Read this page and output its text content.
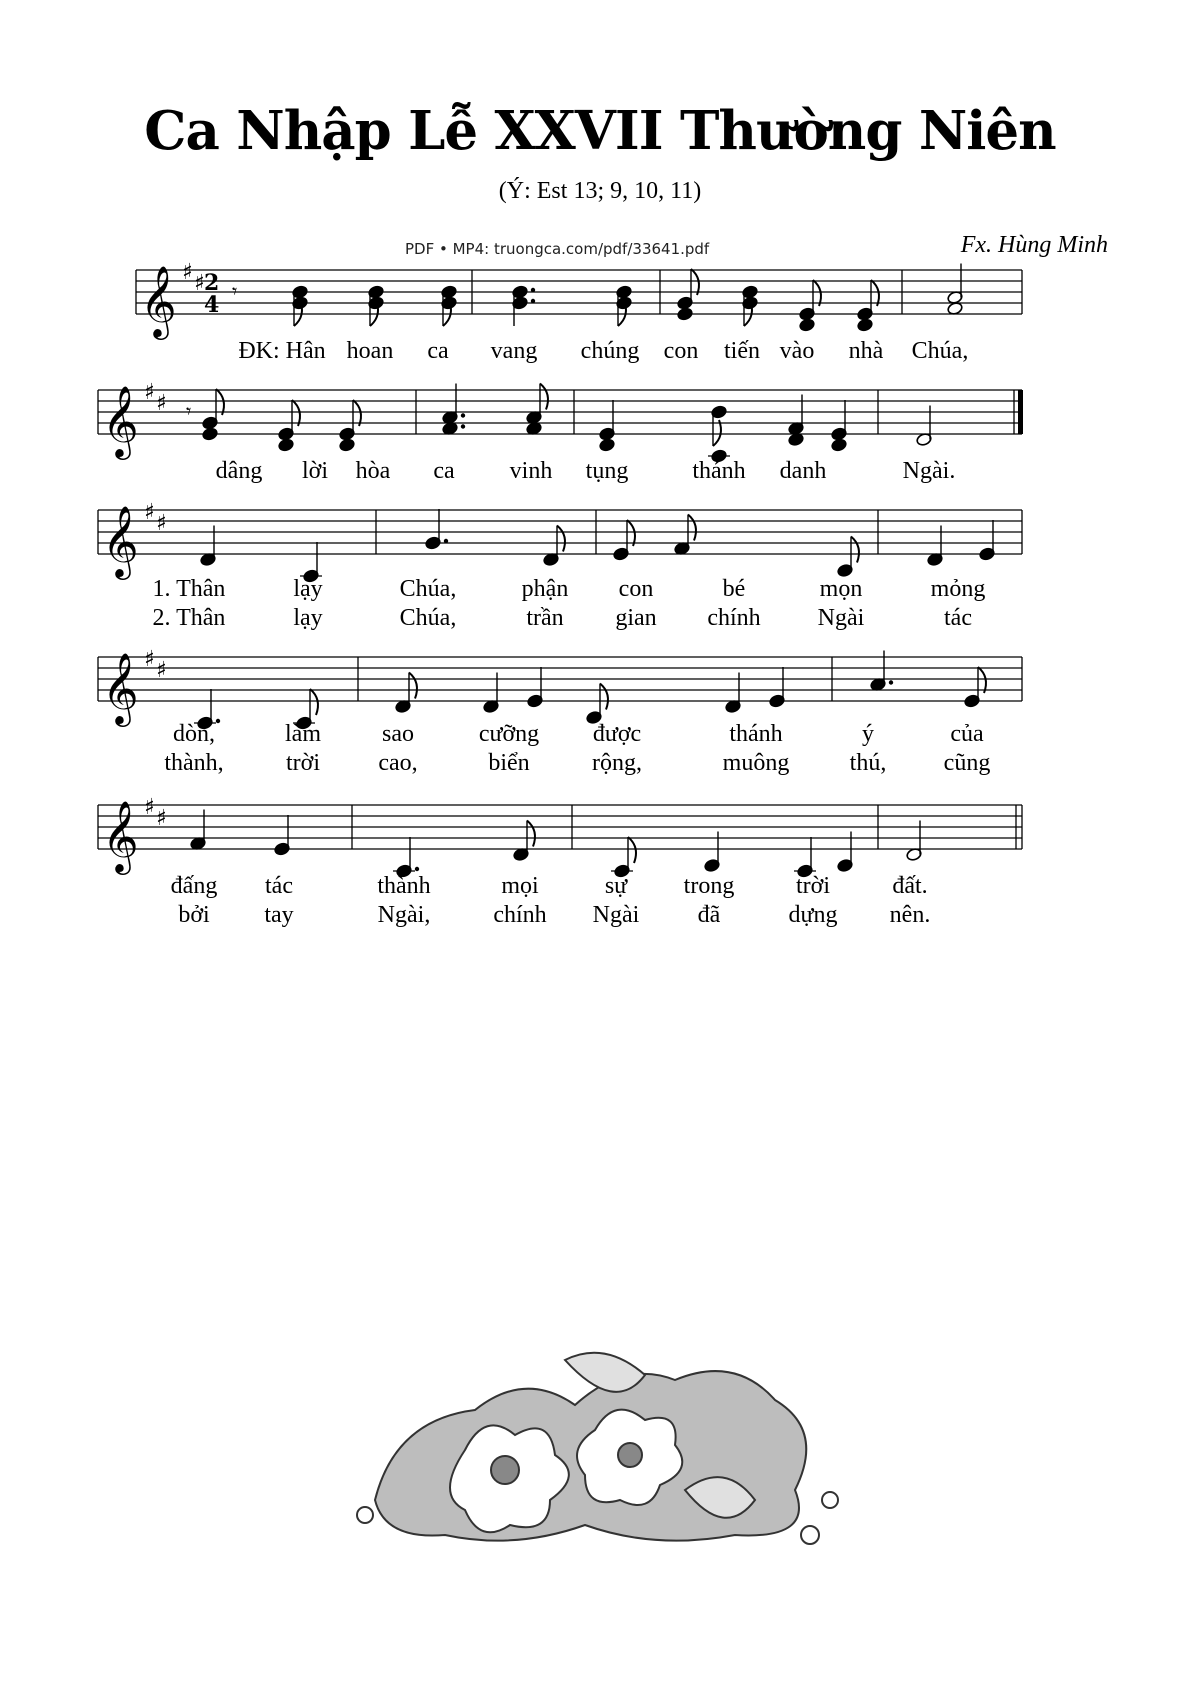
Ca Nhập Lễ XXVII Thường Niên
(Ý: Est 13; 9, 10, 11)
PDF • MP4: truongca.com/pdf/33641.pdf	Fx. Hùng Minh
𝄞 ♯ ♯ 2
4
𝄾
𝄞 ♯ ♯ 𝄾
𝄞 ♯ ♯
𝄞 ♯ ♯
𝄞 ♯ ♯
ĐK: Hân hoan ca vang chúng con tiến vào nhà Chúa,
dâng lời hòa ca vinh tụng	thánh danh	Ngài.
1. Thân	lạy	Chúa,	phận con	bé	mọn	mỏng
2. Thân	lạy	Chúa,	trần gian chính Ngài	tác
dòn,	làm	sao	cưỡng được	thánh	ý	của
thành,	trời cao,	biển	rộng,	muông	thú, cũng
đấng tác	thành	mọi	sự trong	trời	đất.
bởi tay	Ngài,	chính Ngài đã	dựng nên.
